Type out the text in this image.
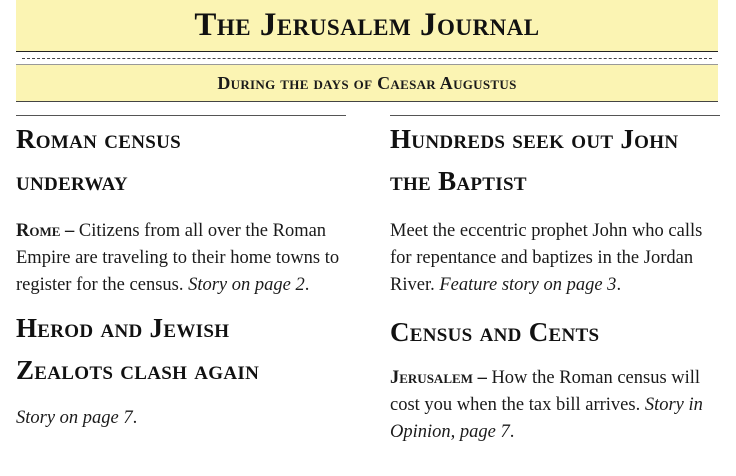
The Jerusalem Journal
During the days of Caesar Augustus
Roman census
underway

Rome – Citizens from all over the Roman Empire are traveling to their home towns to register for the census. Story on page 2.

Herod and Jewish
Zealots clash again

Story on page 7.

Hundreds seek out John
the Baptist

Meet the eccentric prophet John who calls for repentance and baptizes in the Jordan River. Feature story on page 3.

Census and Cents

Jerusalem – How the Roman census will cost you when the tax bill arrives. Story in Opinion, page 7.
